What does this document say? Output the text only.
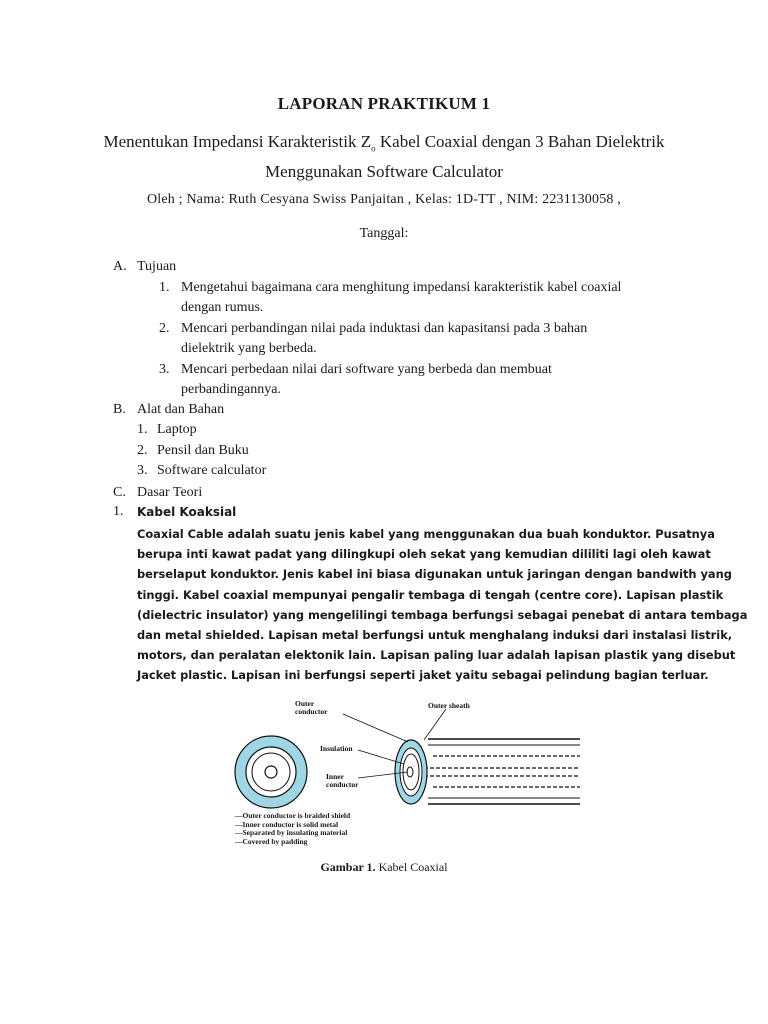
LAPORAN PRAKTIKUM 1
Menentukan Impedansi Karakteristik $Z_o$ Kabel Coaxial dengan 3 Bahan Dielektrik
Menggunakan Software Calculator
Oleh ; Nama: Ruth Cesyana Swiss Panjaitan , Kelas: 1D-TT , NIM: 2231130058 ,
Tanggal:
A. Tujuan
1. Mengetahui bagaimana cara menghitung impedansi karakteristik kabel coaxial
dengan rumus.
2. Mencari perbandingan nilai pada induktasi dan kapasitansi pada 3 bahan
dielektrik yang berbeda.
3. Mencari perbedaan nilai dari software yang berbeda dan membuat
perbandingannya.
B. Alat dan Bahan
1. Laptop
2. Pensil dan Buku
3. Software calculator
C. Dasar Teori
1. Kabel Koaksial
Coaxial Cable adalah suatu jenis kabel yang menggunakan dua buah konduktor. Pusatnya
berupa inti kawat padat yang dilingkupi oleh sekat yang kemudian dililiti lagi oleh kawat
berselaput konduktor. Jenis kabel ini biasa digunakan untuk jaringan dengan bandwith yang
tinggi. Kabel coaxial mempunyai pengalir tembaga di tengah (centre core). Lapisan plastik
(dielectric insulator) yang mengelilingi tembaga berfungsi sebagai penebat di antara tembaga
dan metal shielded. Lapisan metal berfungsi untuk menghalang induksi dari instalasi listrik,
motors, dan peralatan elektonik lain. Lapisan paling luar adalah lapisan plastik yang disebut
Jacket plastic. Lapisan ini berfungsi seperti jaket yaitu sebagai pelindung bagian terluar.
Outer
conductor
Outer sheath
Insulation
Inner
conductor
—Outer conductor is braided shield
—Inner conductor is solid metal
—Separated by insulating material
—Covered by padding
Gambar 1. Kabel Coaxial
